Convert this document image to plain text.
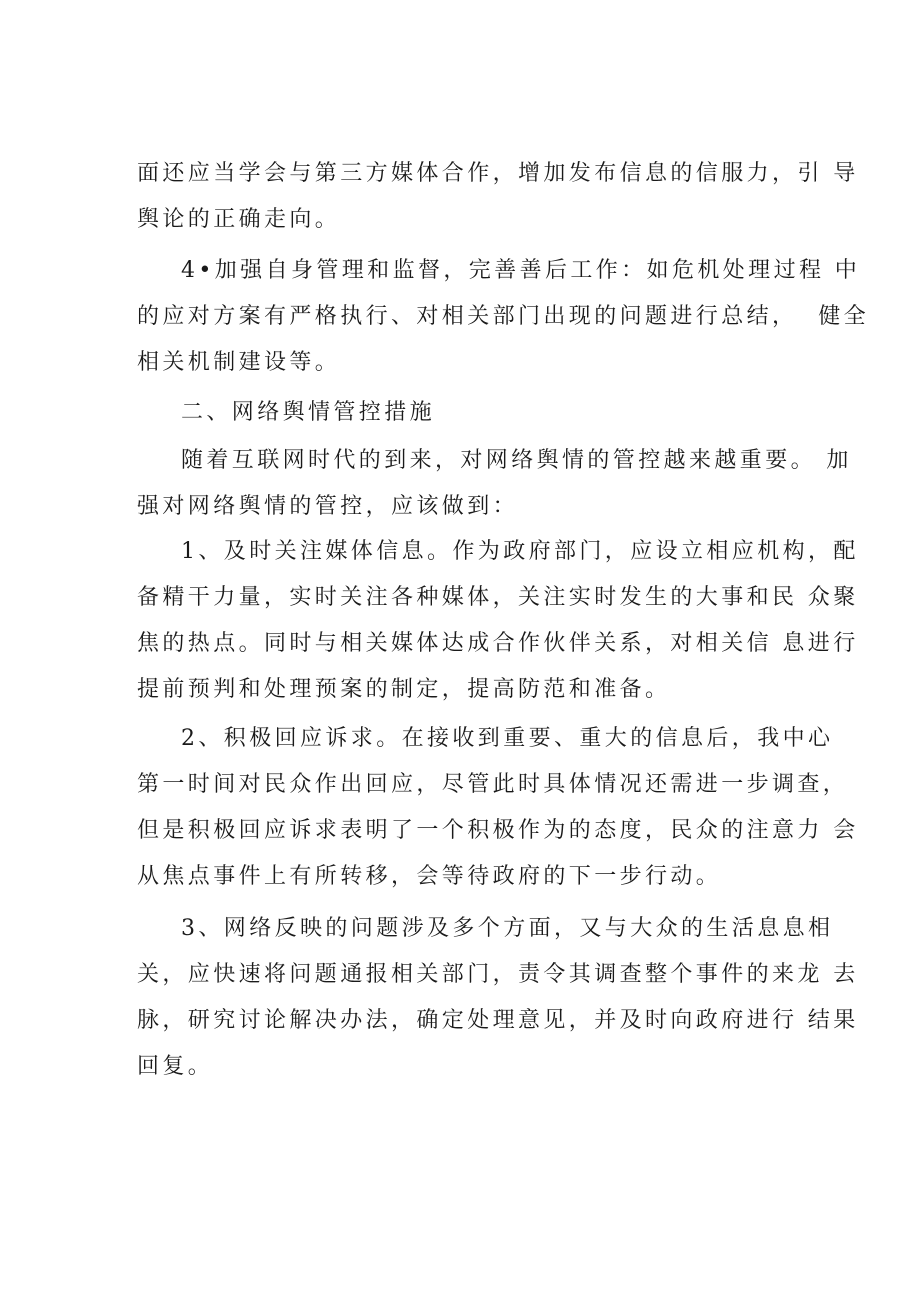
面还应当学会与第三方媒体合作，增加发布信息的信服力，引 导
舆论的正确走向。
4•加强自身管理和监督，完善善后工作：如危机处理过程 中
的应对方案有严格执行、对相关部门出现的问题进行总结，  健全
相关机制建设等。
二、网络舆情管控措施
随着互联网时代的到来，对网络舆情的管控越来越重要。 加
强对网络舆情的管控，应该做到：
1、及时关注媒体信息。作为政府部门，应设立相应机构，配
备精干力量，实时关注各种媒体，关注实时发生的大事和民 众聚
焦的热点。同时与相关媒体达成合作伙伴关系，对相关信 息进行
提前预判和处理预案的制定，提高防范和准备。
2、积极回应诉求。在接收到重要、重大的信息后，我中心
第一时间对民众作出回应，尽管此时具体情况还需进一步调查，
但是积极回应诉求表明了一个积极作为的态度，民众的注意力 会
从焦点事件上有所转移，会等待政府的下一步行动。
3、网络反映的问题涉及多个方面，又与大众的生活息息相
关，应快速将问题通报相关部门，责令其调查整个事件的来龙 去
脉，研究讨论解决办法，确定处理意见，并及时向政府进行 结果
回复。
